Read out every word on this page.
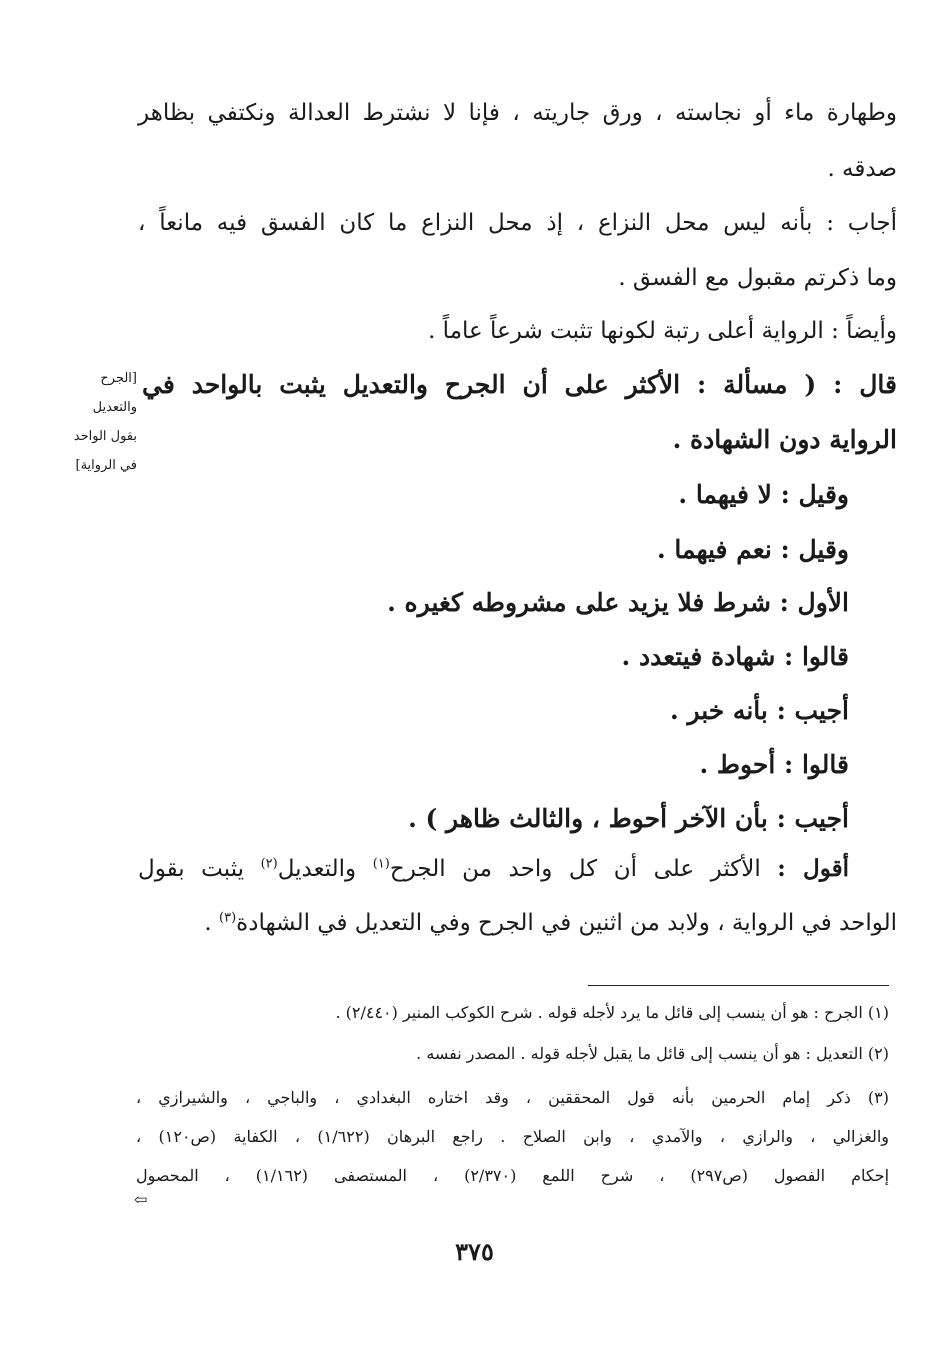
وطهارة ماء أو نجاسته ، ورق جاريته ، فإنا لا نشترط العدالة ونكتفي بظاهر
صدقه .
أجاب : بأنه ليس محل النزاع ، إذ محل النزاع ما كان الفسق فيه مانعاً ،
وما ذكرتم مقبول مع الفسق .
وأيضاً : الرواية أعلى رتبة لكونها تثبت شرعاً عاماً .
قال : ( مسألة : الأكثر على أن الجرح والتعديل يثبت بالواحد في
[الجرح
والتعديل
بقول الواحد
في الرواية]
الرواية دون الشهادة .
وقيل : لا فيهما .
وقيل : نعم فيهما .
الأول : شرط فلا يزيد على مشروطه كغيره .
قالوا : شهادة فيتعدد .
أجيب : بأنه خبر .
قالوا : أحوط .
أجيب : بأن الآخر أحوط ، والثالث ظاهر ) .
أقول : الأكثر على أن كل واحد من الجرح$^{(١)}$ والتعديل$^{(٢)}$ يثبت بقول
الواحد في الرواية ، ولابد من اثنين في الجرح وفي التعديل في الشهادة$^{(٣)}$ .
(١) الجرح : هو أن ينسب إلى قائل ما يرد لأجله قوله . شرح الكوكب المنير (٢/٤٤٠) .
(٢) التعديل : هو أن ينسب إلى قائل ما يقبل لأجله قوله . المصدر نفسه .
(٣) ذكر إمام الحرمين بأنه قول المحققين ، وقد اختاره البغدادي ، والباجي ، والشيرازي ،
والغزالي ، والرازي ، والآمدي ، وابن الصلاح . راجع البرهان (١/٦٢٢) ، الكفاية (ص١٢٠) ،
إحكام الفصول (ص٢٩٧) ، شرح اللمع (٢/٣٧٠) ، المستصفى (١/١٦٢) ، المحصول
⇦
٣٧٥
